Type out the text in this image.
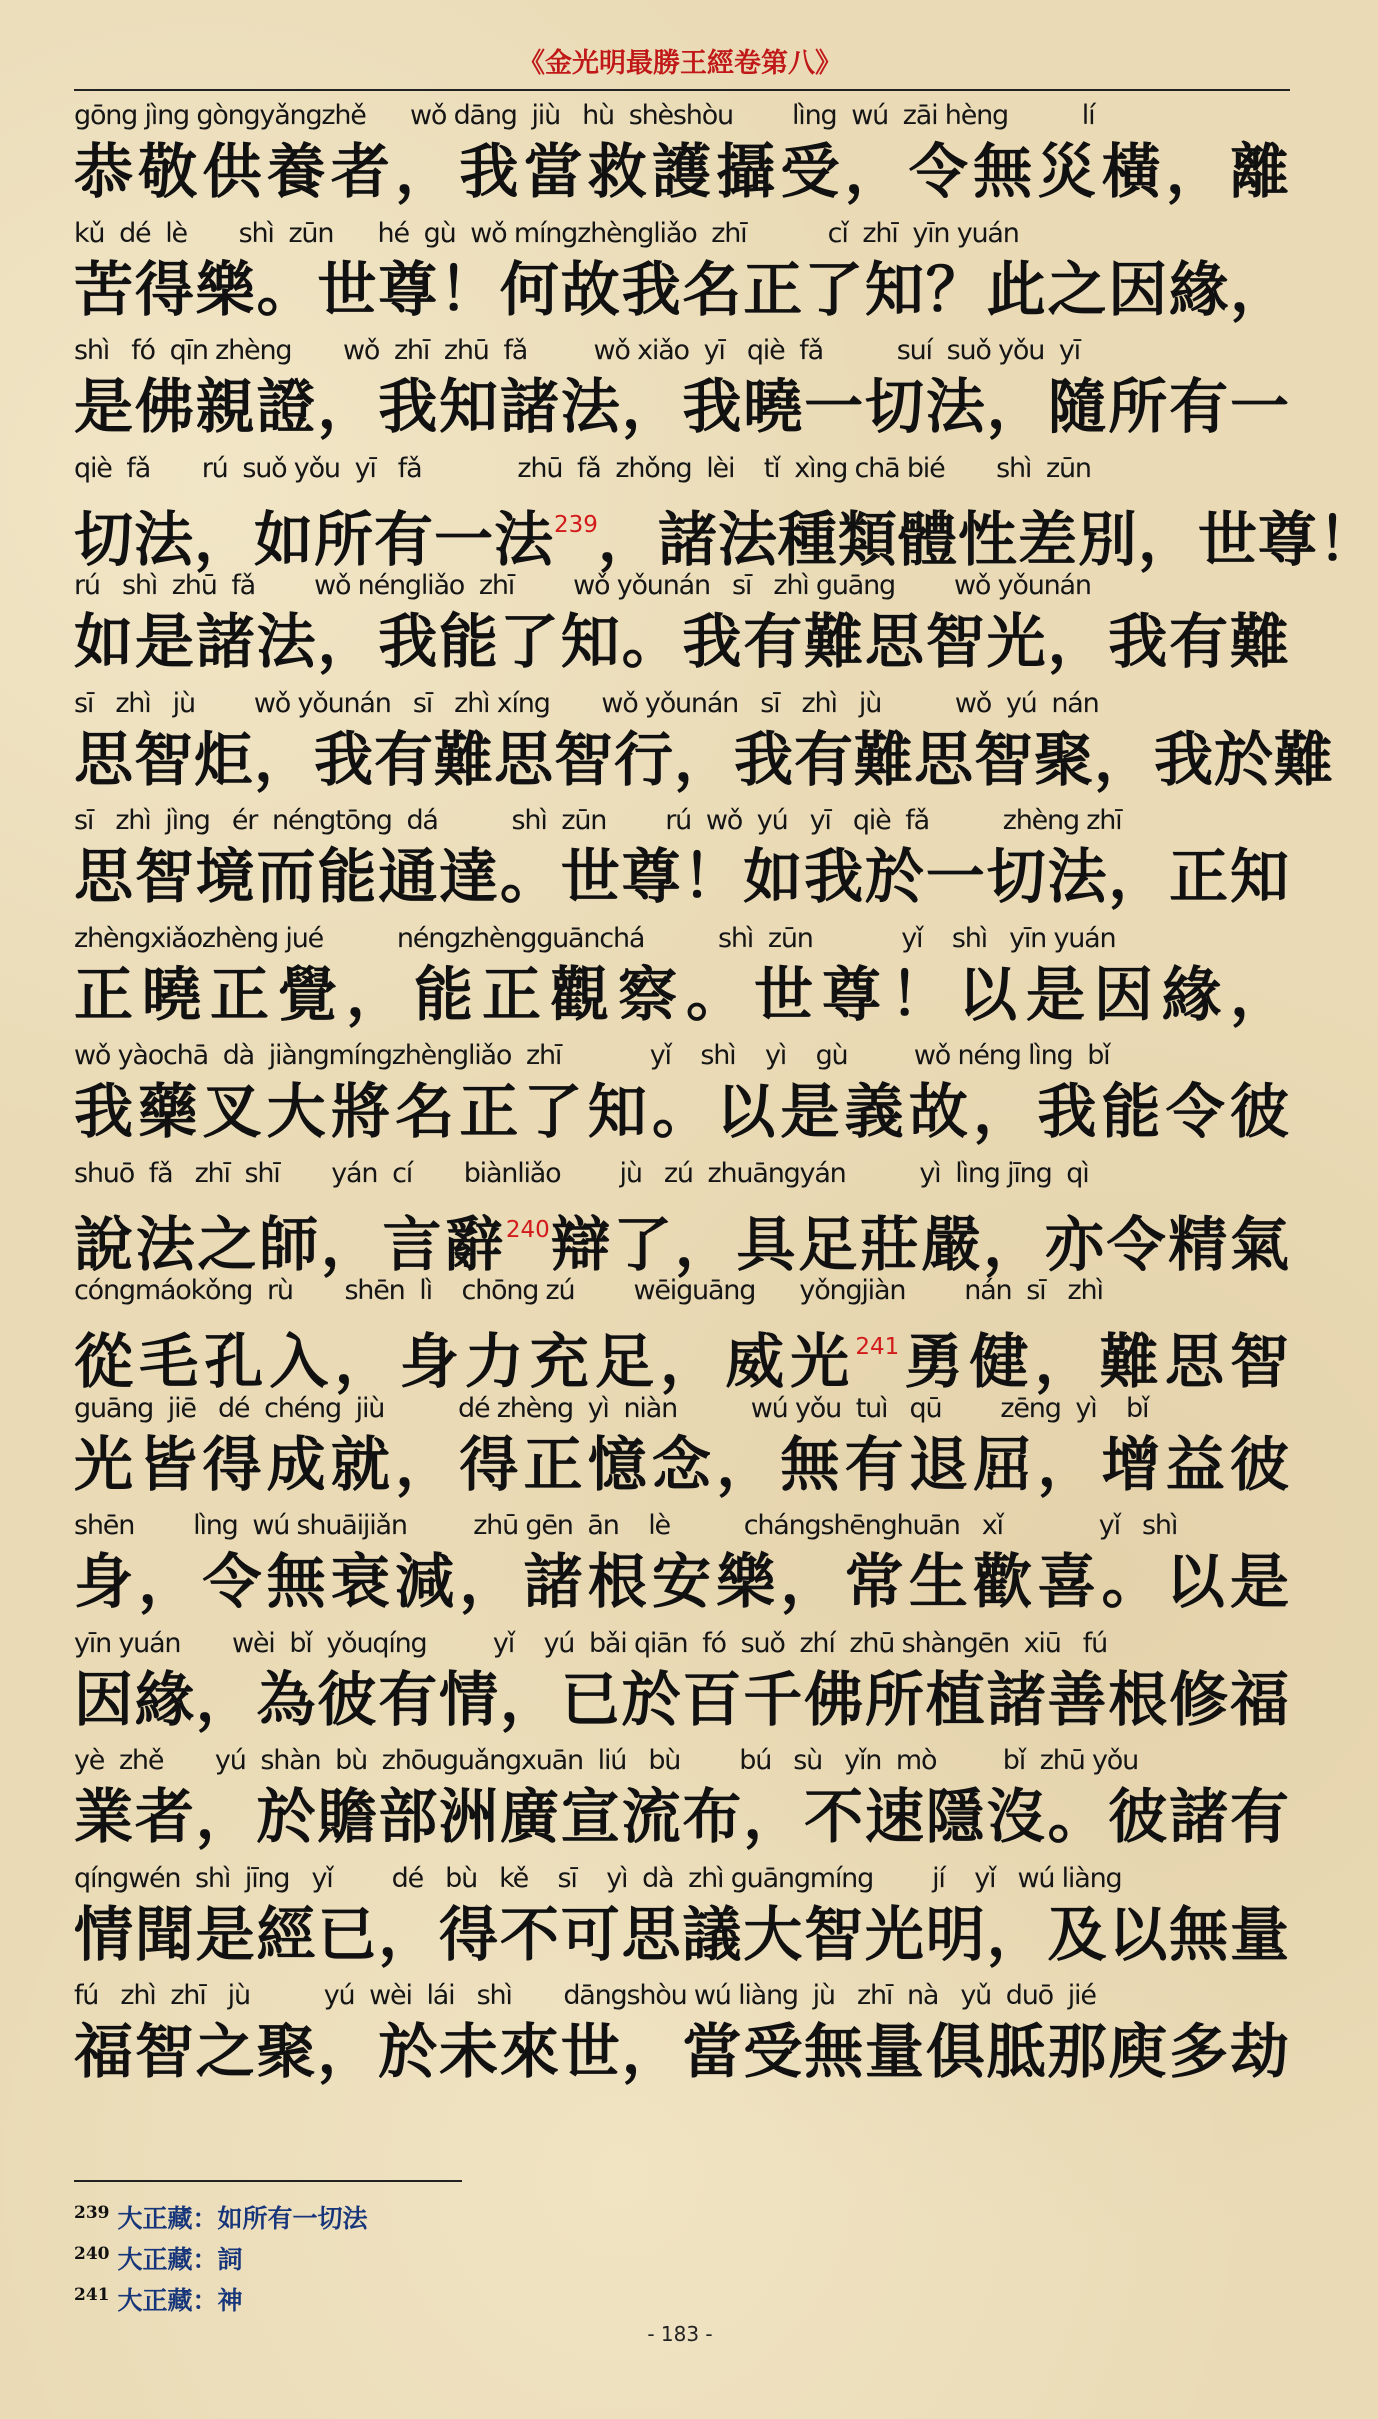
《金光明最勝王經卷第八》
gōng jìng gòngyǎngzhě      wǒ dāng  jiù   hù  shèshòu        lìng  wú  zāi hèng          lí
恭敬供養者，我當救護攝受，令無災橫，離
kǔ  dé  lè       shì  zūn      hé  gù  wǒ míngzhèngliǎo  zhī           cǐ  zhī  yīn yuán
苦得樂。世尊！何故我名正了知？此之因緣，
shì   fó  qīn zhèng       wǒ  zhī  zhū  fǎ         wǒ xiǎo  yī   qiè  fǎ          suí  suǒ yǒu  yī
是佛親證，我知諸法，我曉一切法，隨所有一
qiè  fǎ       rú  suǒ yǒu  yī   fǎ             zhū  fǎ  zhǒng  lèi    tǐ  xìng chā bié       shì  zūn
切法，如所有一法$^{239}$，諸法種類體性差別，世尊！
rú   shì  zhū  fǎ        wǒ néngliǎo  zhī        wǒ yǒunán   sī   zhì guāng        wǒ yǒunán
如是諸法，我能了知。我有難思智光，我有難
sī   zhì   jù        wǒ yǒunán   sī   zhì xíng       wǒ yǒunán   sī   zhì   jù          wǒ  yú  nán
思智炬，我有難思智行，我有難思智聚，我於難
sī   zhì  jìng   ér  néngtōng  dá          shì  zūn        rú  wǒ  yú   yī   qiè  fǎ          zhèng zhī
思智境而能通達。世尊！如我於一切法，正知
zhèngxiǎozhèng jué          néngzhèngguānchá          shì  zūn            yǐ    shì   yīn yuán
正曉正覺，能正觀察。世尊！以是因緣，
wǒ yàochā  dà  jiàngmíngzhèngliǎo  zhī            yǐ    shì    yì    gù         wǒ néng lìng  bǐ
我藥叉大將名正了知。以是義故，我能令彼
shuō  fǎ   zhī  shī       yán  cí       biànliǎo        jù   zú  zhuāngyán          yì  lìng jīng  qì
說法之師，言辭$^{240}$辯了，具足莊嚴，亦令精氣
cóngmáokǒng  rù       shēn  lì    chōng zú        wēiguāng      yǒngjiàn        nán  sī   zhì
從毛孔入，身力充足，威光$^{241}$勇健，難思智
guāng  jiē   dé  chéng  jiù          dé zhèng  yì  niàn          wú yǒu  tuì   qū        zēng  yì    bǐ
光皆得成就，得正憶念，無有退屈，增益彼
shēn        lìng  wú shuāijiǎn         zhū gēn  ān    lè          chángshēnghuān   xǐ             yǐ   shì
身，令無衰減，諸根安樂，常生歡喜。以是
yīn yuán       wèi  bǐ  yǒuqíng         yǐ    yú  bǎi qiān  fó  suǒ  zhí  zhū shàngēn  xiū   fú
因緣，為彼有情，已於百千佛所植諸善根修福
yè  zhě       yú  shàn  bù  zhōuguǎngxuān  liú   bù        bú   sù   yǐn  mò         bǐ  zhū yǒu
業者，於贍部洲廣宣流布，不速隱沒。彼諸有
qíngwén  shì  jīng   yǐ        dé   bù   kě    sī    yì  dà  zhì guāngmíng        jí    yǐ   wú liàng
情聞是經已，得不可思議大智光明，及以無量
fú   zhì  zhī   jù          yú  wèi  lái   shì       dāngshòu wú liàng  jù   zhī  nà   yǔ  duō  jié
福智之聚，於未來世，當受無量俱胝那庾多劫
239 大正藏：如所有一切法
240 大正藏：詞
241 大正藏：神
- 183 -
